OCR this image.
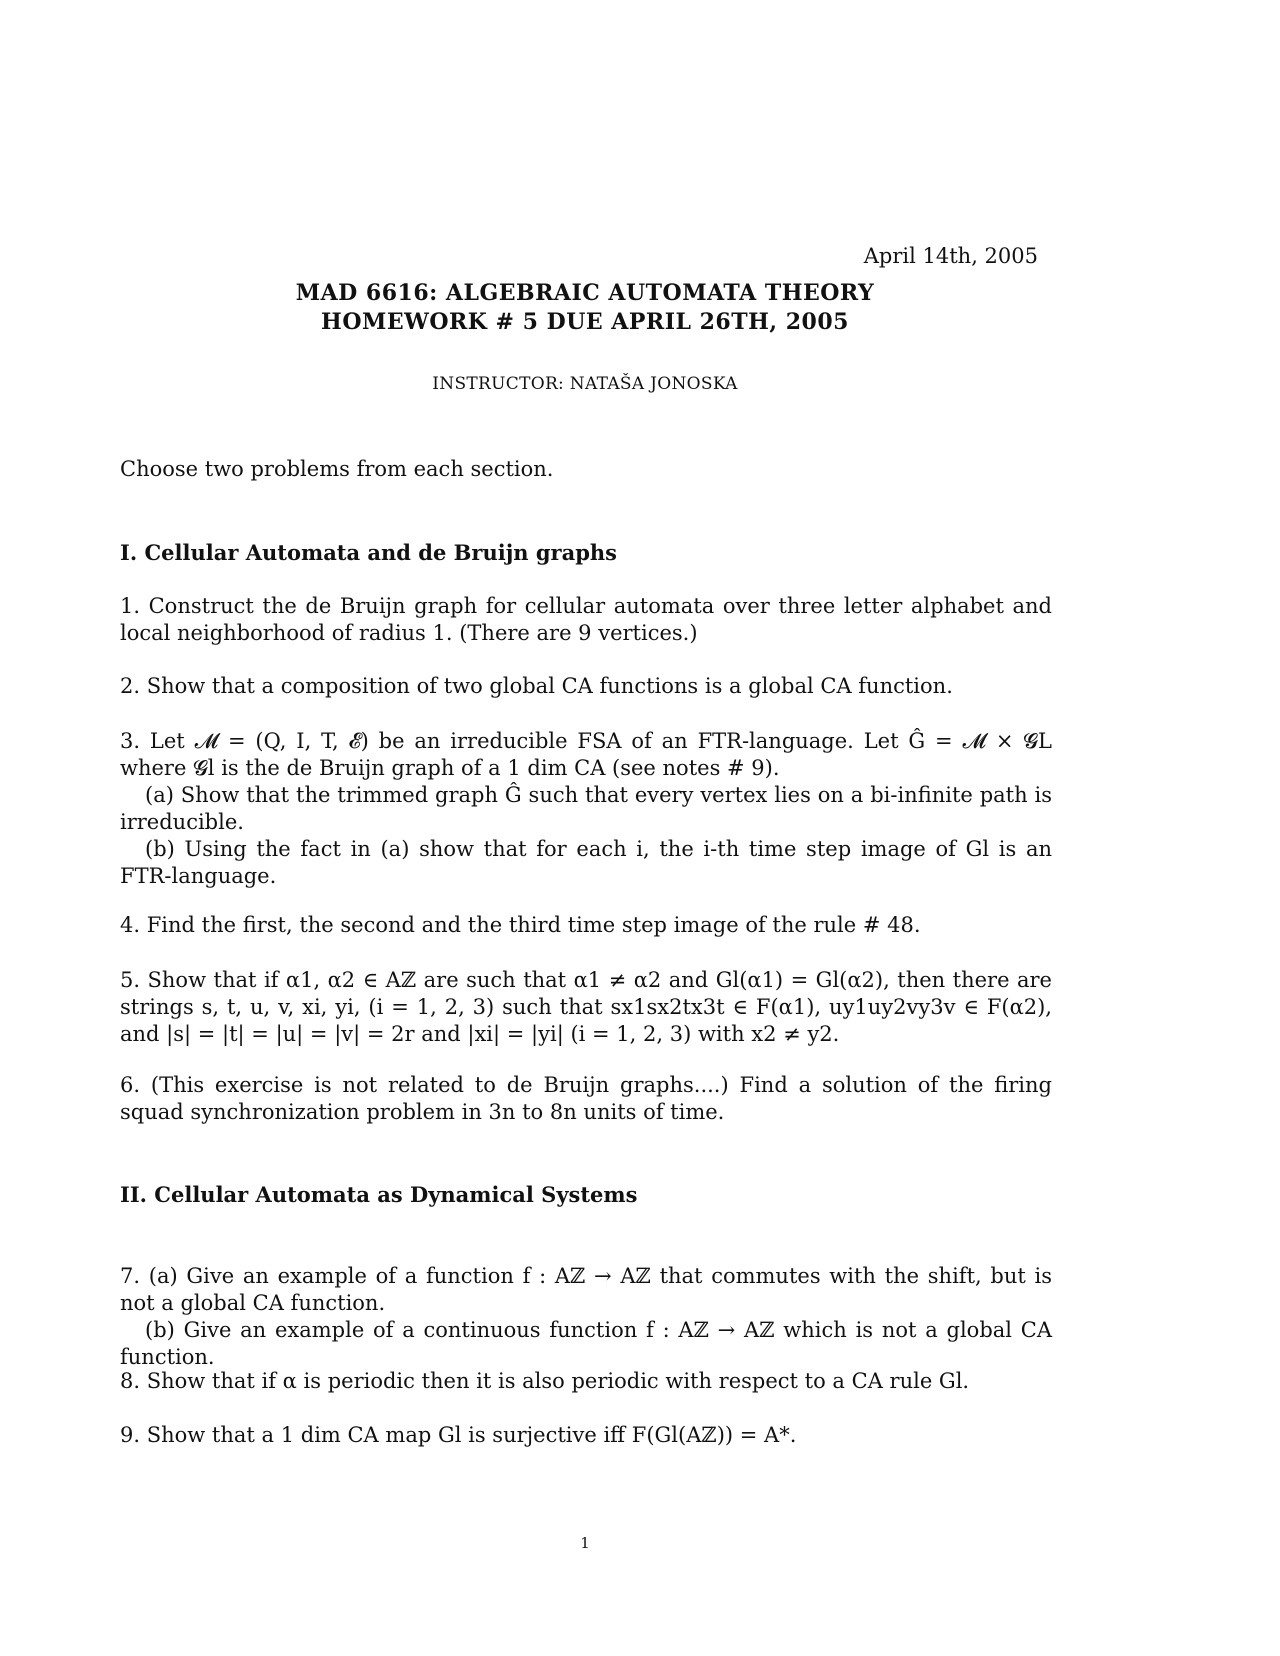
April 14th, 2005
MAD 6616: ALGEBRAIC AUTOMATA THEORY
HOMEWORK # 5 DUE APRIL 26TH, 2005
INSTRUCTOR: NATAŠA JONOSKA

Choose two problems from each section.

I. Cellular Automata and de Bruijn graphs

1. Construct the de Bruijn graph for cellular automata over three letter alphabet and local neighborhood of radius 1. (There are 9 vertices.)

2. Show that a composition of two global CA functions is a global CA function.

3. Let 𝓜 = (Q, I, T, 𝓔) be an irreducible FSA of an FTR-language. Let Ĝ = 𝓜 × 𝓖L where 𝓖l is the de Bruijn graph of a 1 dim CA (see notes # 9).

(a) Show that the trimmed graph Ĝ such that every vertex lies on a bi-infinite path is irreducible.

(b) Using the fact in (a) show that for each i, the i-th time step image of Gl is an FTR-language.

4. Find the first, the second and the third time step image of the rule # 48.

5. Show that if α1, α2 ∈ Aℤ are such that α1 ≠ α2 and Gl(α1) = Gl(α2), then there are strings s, t, u, v, xi, yi, (i = 1, 2, 3) such that sx1sx2tx3t ∈ F(α1), uy1uy2vy3v ∈ F(α2), and |s| = |t| = |u| = |v| = 2r and |xi| = |yi| (i = 1, 2, 3) with x2 ≠ y2.

6. (This exercise is not related to de Bruijn graphs....) Find a solution of the firing squad synchronization problem in 3n to 8n units of time.

II. Cellular Automata as Dynamical Systems

7. (a) Give an example of a function f : Aℤ → Aℤ that commutes with the shift, but is not a global CA function.

(b) Give an example of a continuous function f : Aℤ → Aℤ which is not a global CA function.

8. Show that if α is periodic then it is also periodic with respect to a CA rule Gl.

9. Show that a 1 dim CA map Gl is surjective iff F(Gl(Aℤ)) = A*.

1
